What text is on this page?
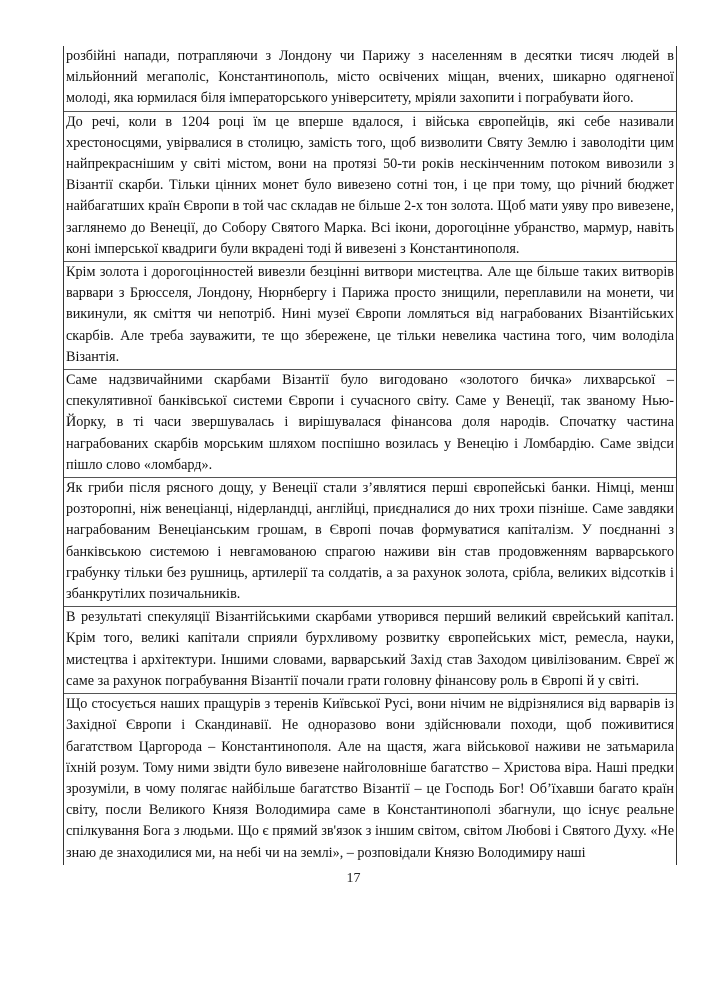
розбійні напади, потрапляючи з Лондону чи Парижу з населенням в десятки тисяч людей в мільйонний мегаполіс, Константинополь, місто освічених міщан, вчених, шикарно одягненої молоді, яка юрмилася біля імператорського університету, мріяли захопити і пограбувати його.
До речі, коли в 1204 році їм це вперше вдалося, і війська європейців, які себе називали хрестоносцями, увірвалися в столицю, замість того, щоб визволити Святу Землю і заволодіти цим найпрекраснішим у світі містом, вони на протязі 50-ти років нескінченним потоком вивозили з Візантії скарби. Тільки цінних монет було вивезено сотні тон, і це при тому, що річний бюджет найбагатших країн Європи в той час складав не більше 2-х тон золота. Щоб мати уяву про вивезене, заглянемо до Венеції, до Собору Святого Марка. Всі ікони, дорогоцінне убранство, мармур, навіть коні імперської квадриги були вкрадені тоді й вивезені з Константинополя.
Крім золота і дорогоцінностей вивезли безцінні витвори мистецтва. Але ще більше таких витворів варвари з Брюсселя, Лондону, Нюрнбергу і Парижа просто знищили, переплавили на монети, чи викинули, як сміття чи непотріб. Нині музеї Європи ломляться від награбованих Візантійських скарбів. Але треба зауважити, те що збережене, це тільки невелика частина того, чим володіла Візантія.
Саме надзвичайними скарбами Візантії було вигодовано «золотого бичка» лихварської – спекулятивної банківської системи Європи і сучасного світу. Саме у Венеції, так званому Нью-Йорку, в ті часи звершувалась і вирішувалася фінансова доля народів. Спочатку частина награбованих скарбів морським шляхом поспішно возилась у Венецію і Ломбардію. Саме звідси пішло слово «ломбард».
Як гриби після рясного дощу, у Венеції стали з’являтися перші європейські банки. Німці, менш розторопні, ніж венеціанці, нідерландці, англійці, приєдналися до них трохи пізніше. Саме завдяки награбованим Венеціанським грошам, в Європі почав формуватися капіталізм. У поєднанні з банківською системою і невгамованою спрагою наживи він став продовженням варварського грабунку тільки без рушниць, артилерії та солдатів, а за рахунок золота, срібла, великих відсотків і збанкрутілих позичальників.
В результаті спекуляції Візантійськими скарбами утворився перший великий єврейський капітал. Крім того, великі капітали сприяли бурхливому розвитку європейських міст, ремесла, науки, мистецтва і архітектури. Іншими словами, варварський Захід став Заходом цивілізованим. Євреї ж саме за рахунок пограбування Візантії почали грати головну фінансову роль в Європі й у світі.
Що стосується наших пращурів з теренів Київської Русі, вони нічим не відрізнялися від варварів із Західної Європи і Скандинавії. Не одноразово вони здійснювали походи, щоб поживитися багатством Царгорода – Константинополя. Але на щастя, жага військової наживи не затьмарила їхній розум. Тому ними звідти було вивезене найголовніше багатство – Христова віра. Наші предки зрозуміли, в чому полягає найбільше багатство Візантії – це Господь Бог! Об’їхавши багато країн світу, посли Великого Князя Володимира саме в Константинополі збагнули, що існує реальне спілкування Бога з людьми. Що є прямий зв'язок з іншим світом, світом Любові і Святого Духу. «Не знаю де знаходилися ми, на небі чи на землі», – розповідали Князю Володимиру наші
17
